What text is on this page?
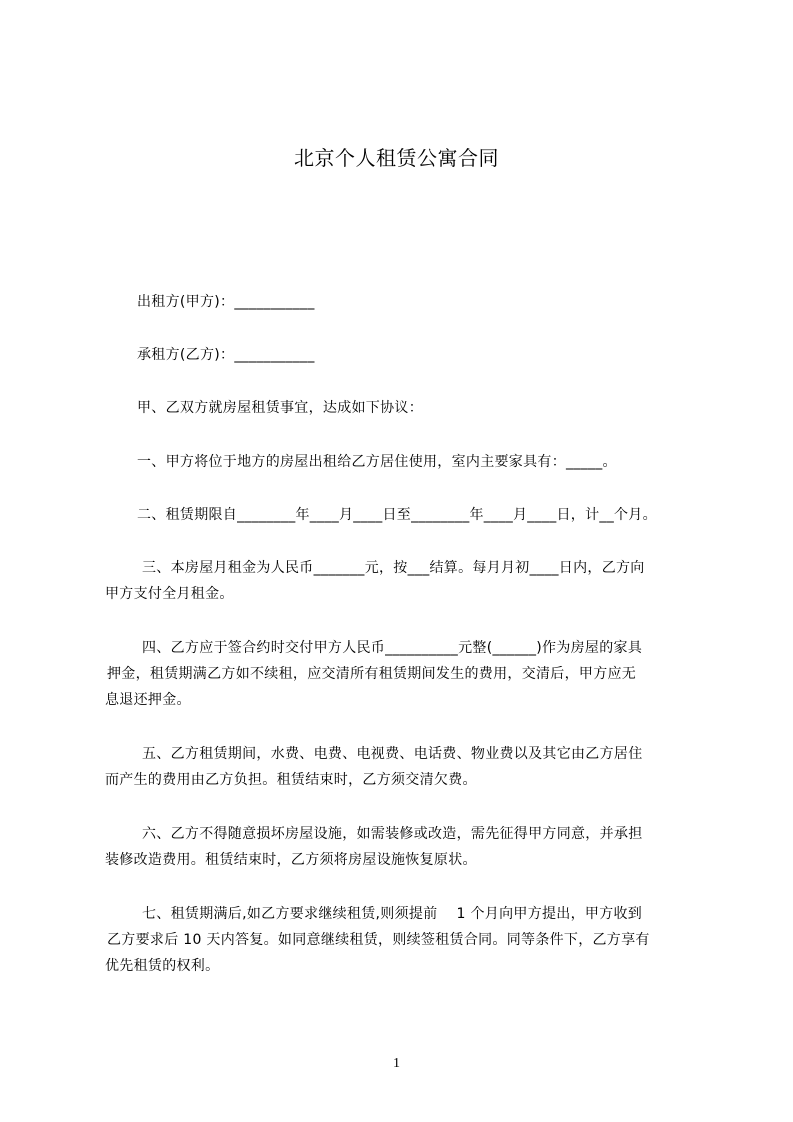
北京个人租赁公寓合同
出租方(甲方)：___________
承租方(乙方)：___________
甲、乙双方就房屋租赁事宜，达成如下协议：
一、甲方将位于地方的房屋出租给乙方居住使用，室内主要家具有：_____。
二、租赁期限自________年____月____日至________年____月____日，计__个月。
三、本房屋月租金为人民币_______元，按___结算。每月月初____日内，乙方向
甲方支付全月租金。
四、乙方应于签合约时交付甲方人民币__________元整(______)作为房屋的家具
押金，租赁期满乙方如不续租，应交清所有租赁期间发生的费用，交清后，甲方应无
息退还押金。
五、乙方租赁期间，水费、电费、电视费、电话费、物业费以及其它由乙方居住
而产生的费用由乙方负担。租赁结束时，乙方须交清欠费。
六、乙方不得随意损坏房屋设施，如需装修或改造，需先征得甲方同意，并承担
装修改造费用。租赁结束时，乙方须将房屋设施恢复原状。
七、租赁期满后,如乙方要求继续租赁,则须提前　 1 个月向甲方提出，甲方收到
乙方要求后 10 天内答复。如同意继续租赁，则续签租赁合同。同等条件下，乙方享有
优先租赁的权利。
1
